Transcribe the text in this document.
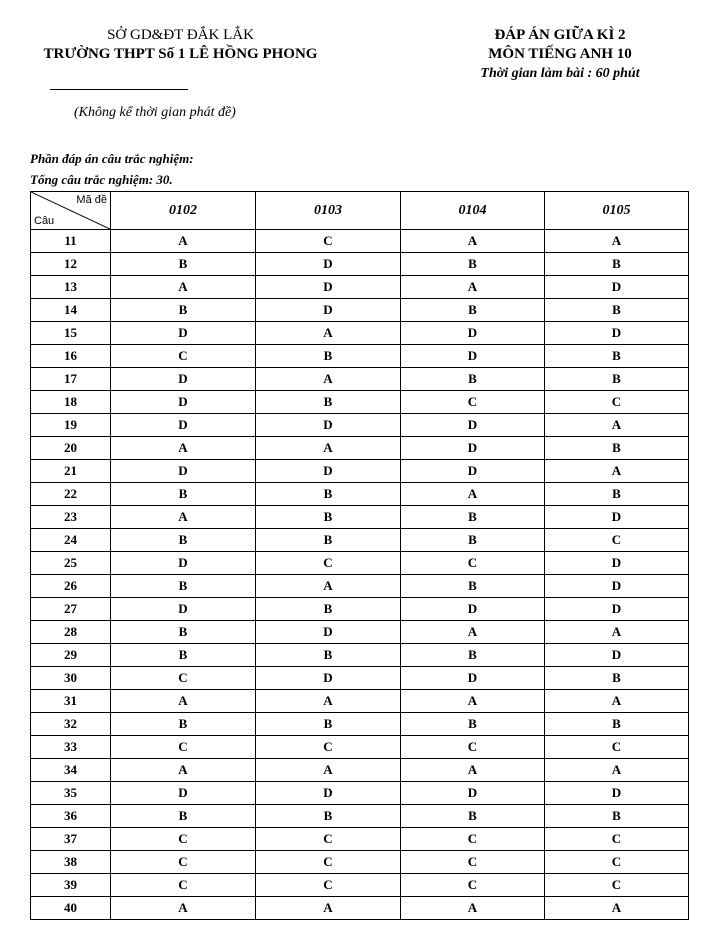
SỞ GD&ĐT ĐẮK LẮK
TRƯỜNG THPT Số 1 LÊ HỒNG PHONG
ĐÁP ÁN GIỮA KÌ 2
MÔN TIẾNG ANH 10
Thời gian làm bài : 60 phút
(Không kể thời gian phát đề)
Phần đáp án câu trắc nghiệm:
Tổng câu trắc nghiệm: 30.
Mã đề
Câu	0102	0103	0104	0105
11	A	C	A	A
12	B	D	B	B
13	A	D	A	D
14	B	D	B	B
15	D	A	D	D
16	C	B	D	B
17	D	A	B	B
18	D	B	C	C
19	D	D	D	A
20	A	A	D	B
21	D	D	D	A
22	B	B	A	B
23	A	B	B	D
24	B	B	B	C
25	D	C	C	D
26	B	A	B	D
27	D	B	D	D
28	B	D	A	A
29	B	B	B	D
30	C	D	D	B
31	A	A	A	A
32	B	B	B	B
33	C	C	C	C
34	A	A	A	A
35	D	D	D	D
36	B	B	B	B
37	C	C	C	C
38	C	C	C	C
39	C	C	C	C
40	A	A	A	A
